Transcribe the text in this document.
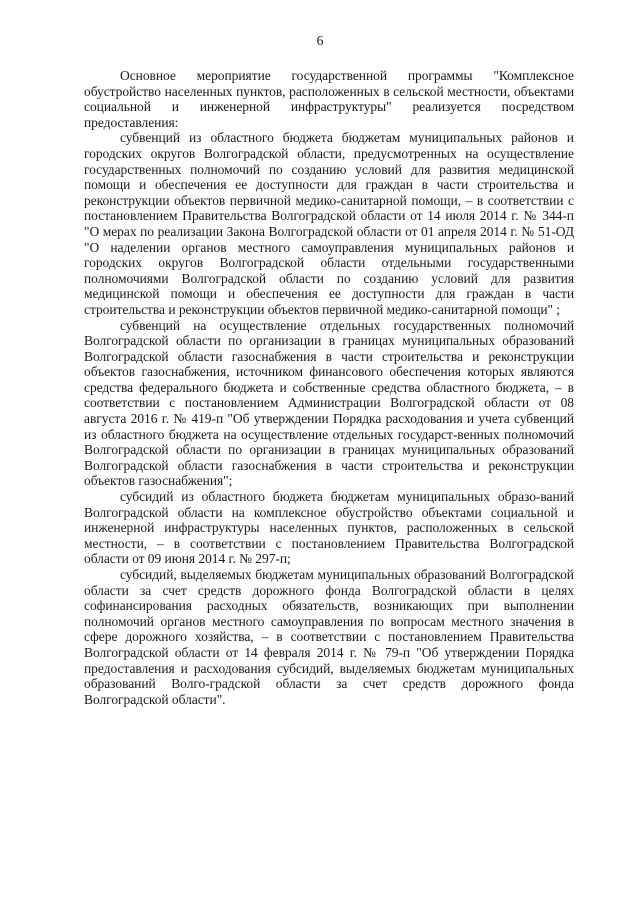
6

Основное мероприятие государственной программы "Комплексное обустройство населенных пунктов, расположенных в сельской местности, объектами социальной и инженерной инфраструктуры" реализуется посредством предоставления:

субвенций из областного бюджета бюджетам муниципальных районов и городских округов Волгоградской области, предусмотренных на осуществление государственных полномочий по созданию условий для развития медицинской помощи и обеспечения ее доступности для граждан в части строительства и реконструкции объектов первичной медико-санитарной помощи, – в соответствии с постановлением Правительства Волгоградской области от 14 июля 2014 г. № 344-п "О мерах по реализации Закона Волгоградской области от 01 апреля 2014 г. № 51-ОД "О наделении органов местного самоуправления муниципальных районов и городских округов Волгоградской области отдельными государственными полномочиями Волгоградской области по созданию условий для развития медицинской помощи и обеспечения ее доступности для граждан в части строительства и реконструкции объектов первичной медико-санитарной помощи" ;

субвенций на осуществление отдельных государственных полномочий Волгоградской области по организации в границах муниципальных образований Волгоградской области газоснабжения в части строительства и реконструкции объектов газоснабжения, источником финансового обеспечения которых являются средства федерального бюджета и собственные средства областного бюджета, – в соответствии с постановлением Администрации Волгоградской области от 08 августа 2016 г. № 419-п "Об утверждении Порядка расходования и учета субвенций из областного бюджета на осуществление отдельных государст-венных полномочий Волгоградской области по организации в границах муниципальных образований Волгоградской области газоснабжения в части строительства и реконструкции объектов газоснабжения";

субсидий из областного бюджета бюджетам муниципальных образо-ваний Волгоградской области на комплексное обустройство объектами социальной и инженерной инфраструктуры населенных пунктов, расположенных в сельской местности, – в соответствии с постановлением Правительства Волгоградской области от 09 июня 2014 г. № 297-п;

субсидий, выделяемых бюджетам муниципальных образований Волгоградской области за счет средств дорожного фонда Волгоградской области в целях софинансирования расходных обязательств, возникающих при выполнении полномочий органов местного самоуправления по вопросам местного значения в сфере дорожного хозяйства, – в соответствии с постановлением Правительства Волгоградской области от 14 февраля 2014 г. № 79-п "Об утверждении Порядка предоставления и расходования субсидий, выделяемых бюджетам муниципальных образований Волго-градской области за счет средств дорожного фонда Волгоградской области".
